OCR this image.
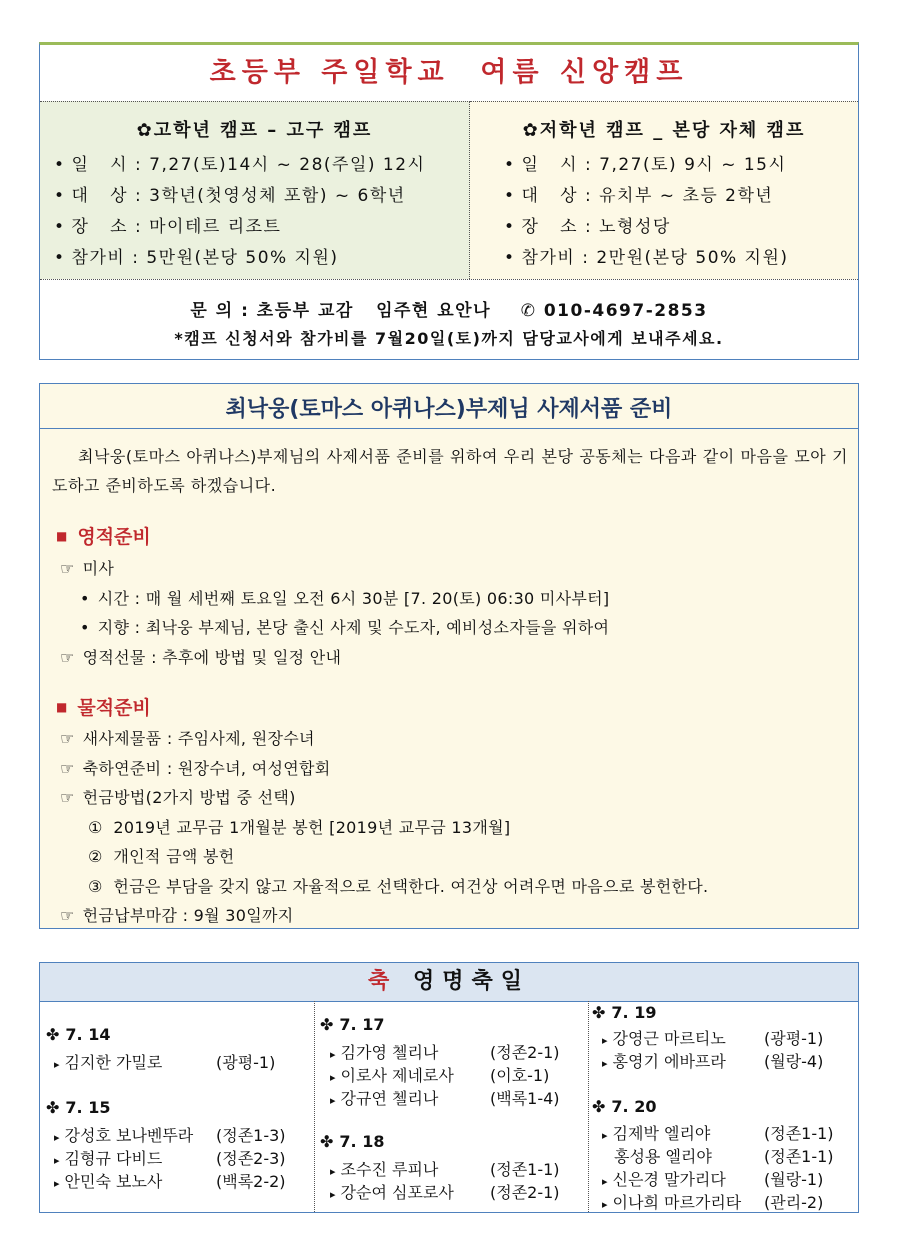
초등부 주일학교  여름 신앙캠프
✿고학년 캠프 – 고구 캠프
• 일   시 : 7,27(토)14시 ~ 28(주일) 12시
• 대   상 : 3학년(첫영성체 포함) ~ 6학년
• 장   소 : 마이테르 리조트
• 참가비 : 5만원(본당 50% 지원)
✿저학년 캠프 _ 본당 자체 캠프
• 일   시 : 7,27(토) 9시 ~ 15시
• 대   상 : 유치부 ~ 초등 2학년
• 장   소 : 노형성당
• 참가비 : 2만원(본당 50% 지원)
문 의 : 초등부 교감   임주현 요안나    ✆ 010-4697-2853
*캠프 신청서와 참가비를 7월20일(토)까지 담당교사에게 보내주세요.
최낙웅(토마스 아퀴나스)부제님 사제서품 준비
최낙웅(토마스 아퀴나스)부제님의 사제서품 준비를 위하여 우리 본당 공동체는 다음과 같이 마음을 모아 기도하고 준비하도록 하겠습니다.
■ 영적준비
☞ 미사
• 시간 : 매 월 세번째 토요일 오전 6시 30분 [7. 20(토) 06:30 미사부터]
• 지향 : 최낙웅 부제님, 본당 출신 사제 및 수도자, 예비성소자들을 위하여
☞ 영적선물 : 추후에 방법 및 일정 안내
■ 물적준비
☞ 새사제물품 : 주임사제, 원장수녀
☞ 축하연준비 : 원장수녀, 여성연합회
☞ 헌금방법(2가지 방법 중 선택)
①  2019년 교무금 1개월분 봉헌 [2019년 교무금 13개월]
②  개인적 금액 봉헌
③  헌금은 부담을 갖지 않고 자율적으로 선택한다. 여건상 어려우면 마음으로 봉헌한다.
☞ 헌금납부마감 : 9월 30일까지
축 영명축일
✤ 7. 14
▸ 김지한 가밀로	(광평-1)
✤ 7. 15
▸ 강성호 보나벤뚜라 (정존1-3)
▸ 김형규 다비드	(정존2-3)
▸ 안민숙 보노사	(백록2-2)
✤ 7. 17
▸ 김가영 첼리나	(정존2-1)
▸ 이로사 제네로사 (이호-1)
▸ 강규연 첼리나	(백록1-4)
✤ 7. 18
▸ 조수진 루피나	(정존1-1)
▸ 강순여 심포로사 (정존2-1)
✤ 7. 19
▸ 강영근 마르티노 (광평-1)
▸ 홍영기 에바프라 (월랑-4)
✤ 7. 20
▸ 김제박 엘리야	(정존1-1)
홍성용 엘리야	(정존1-1)
▸ 신은경 말가리다 (월랑-1)
▸ 이나희 마르가리타 (관리-2)
